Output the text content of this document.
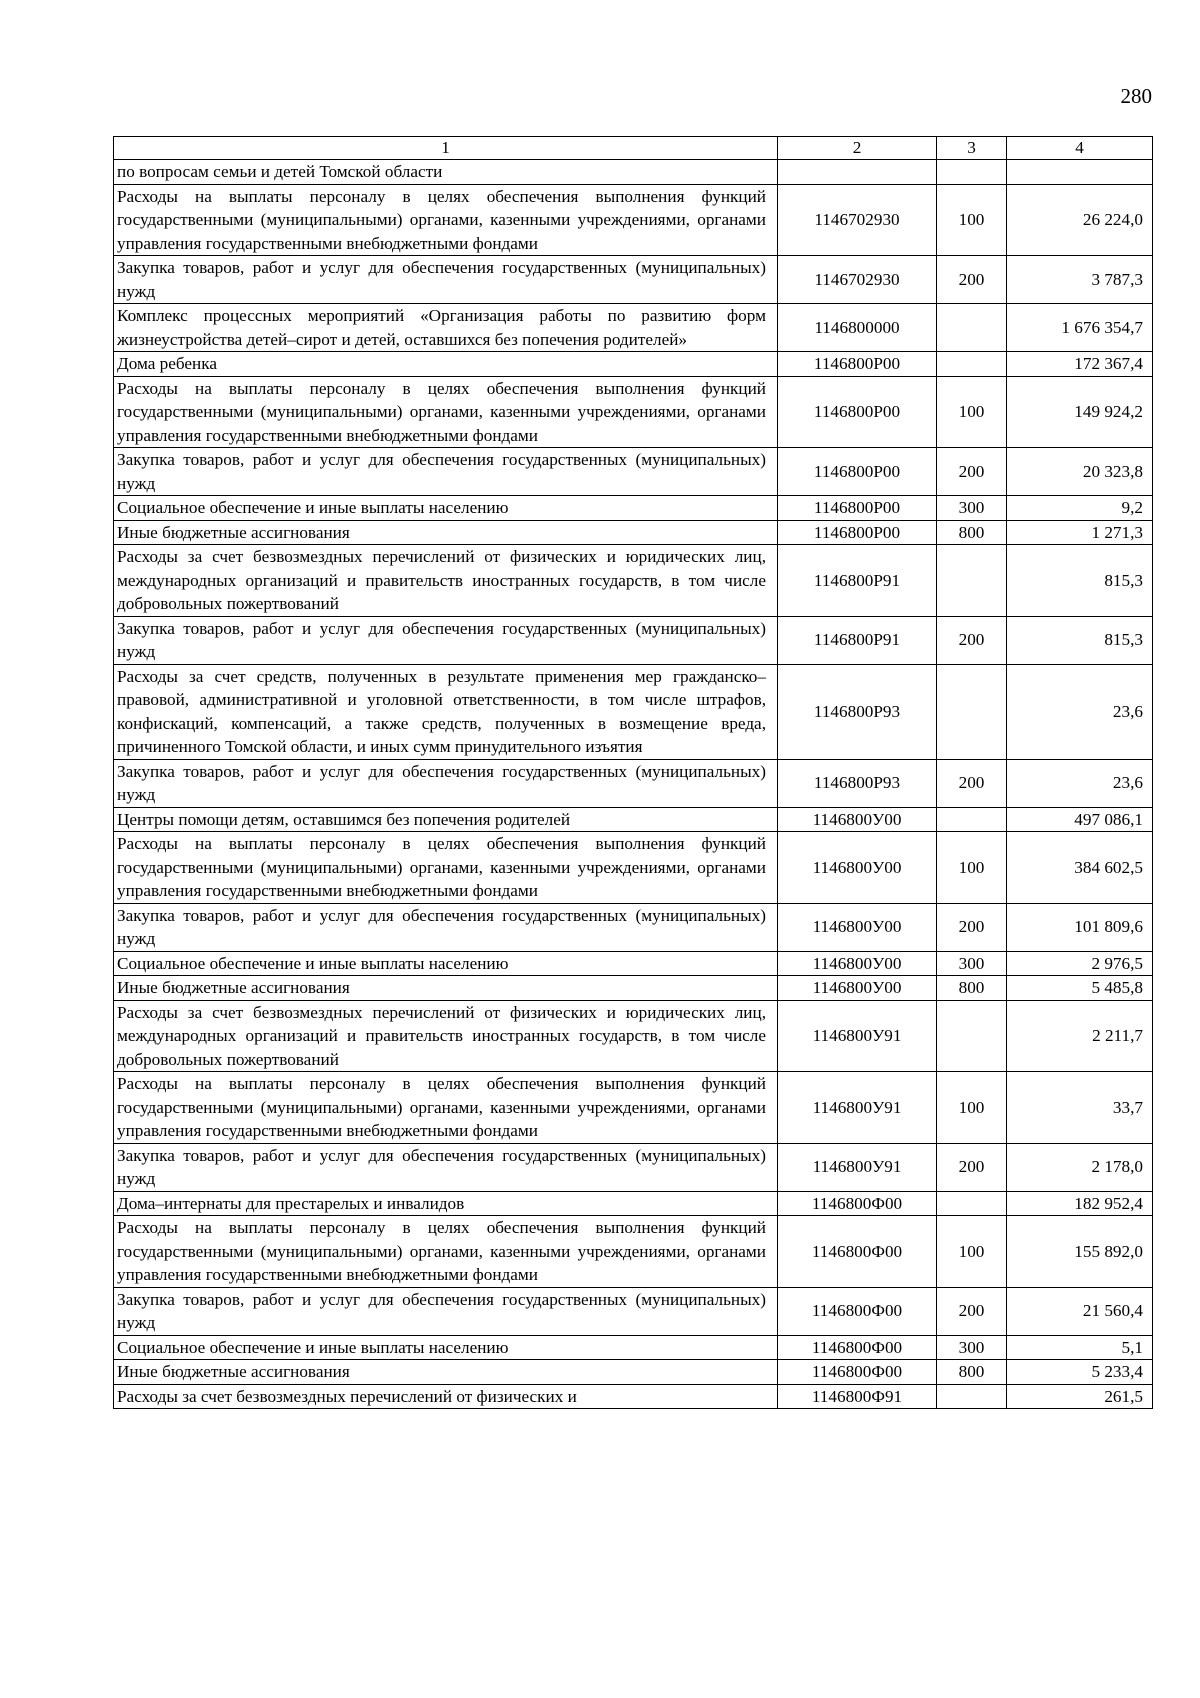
280
1	2	3	4
по вопросам семьи и детей Томской области			
Расходы на выплаты персоналу в целях обеспечения выполнения функций государственными (муниципальными) органами, казенными учреждениями, органами управления государственными внебюджетными фондами	1146702930	100	26 224,0
Закупка товаров, работ и услуг для обеспечения государственных (муниципальных) нужд	1146702930	200	3 787,3
Комплекс процессных мероприятий «Организация работы по развитию форм жизнеустройства детей–сирот и детей, оставшихся без попечения родителей»	1146800000		1 676 354,7
Дома ребенка	1146800Р00		172 367,4
Расходы на выплаты персоналу в целях обеспечения выполнения функций государственными (муниципальными) органами, казенными учреждениями, органами управления государственными внебюджетными фондами	1146800Р00	100	149 924,2
Закупка товаров, работ и услуг для обеспечения государственных (муниципальных) нужд	1146800Р00	200	20 323,8
Социальное обеспечение и иные выплаты населению	1146800Р00	300	9,2
Иные бюджетные ассигнования	1146800Р00	800	1 271,3
Расходы за счет безвозмездных перечислений от физических и юридических лиц, международных организаций и правительств иностранных государств, в том числе добровольных пожертвований	1146800Р91		815,3
Закупка товаров, работ и услуг для обеспечения государственных (муниципальных) нужд	1146800Р91	200	815,3
Расходы за счет средств, полученных в результате применения мер гражданско–правовой, административной и уголовной ответственности, в том числе штрафов, конфискаций, компенсаций, а также средств, полученных в возмещение вреда, причиненного Томской области, и иных сумм принудительного изъятия	1146800Р93		23,6
Закупка товаров, работ и услуг для обеспечения государственных (муниципальных) нужд	1146800Р93	200	23,6
Центры помощи детям, оставшимся без попечения родителей	1146800У00		497 086,1
Расходы на выплаты персоналу в целях обеспечения выполнения функций государственными (муниципальными) органами, казенными учреждениями, органами управления государственными внебюджетными фондами	1146800У00	100	384 602,5
Закупка товаров, работ и услуг для обеспечения государственных (муниципальных) нужд	1146800У00	200	101 809,6
Социальное обеспечение и иные выплаты населению	1146800У00	300	2 976,5
Иные бюджетные ассигнования	1146800У00	800	5 485,8
Расходы за счет безвозмездных перечислений от физических и юридических лиц, международных организаций и правительств иностранных государств, в том числе добровольных пожертвований	1146800У91		2 211,7
Расходы на выплаты персоналу в целях обеспечения выполнения функций государственными (муниципальными) органами, казенными учреждениями, органами управления государственными внебюджетными фондами	1146800У91	100	33,7
Закупка товаров, работ и услуг для обеспечения государственных (муниципальных) нужд	1146800У91	200	2 178,0
Дома–интернаты для престарелых и инвалидов	1146800Ф00		182 952,4
Расходы на выплаты персоналу в целях обеспечения выполнения функций государственными (муниципальными) органами, казенными учреждениями, органами управления государственными внебюджетными фондами	1146800Ф00	100	155 892,0
Закупка товаров, работ и услуг для обеспечения государственных (муниципальных) нужд	1146800Ф00	200	21 560,4
Социальное обеспечение и иные выплаты населению	1146800Ф00	300	5,1
Иные бюджетные ассигнования	1146800Ф00	800	5 233,4
Расходы за счет безвозмездных перечислений от физических и	1146800Ф91		261,5
